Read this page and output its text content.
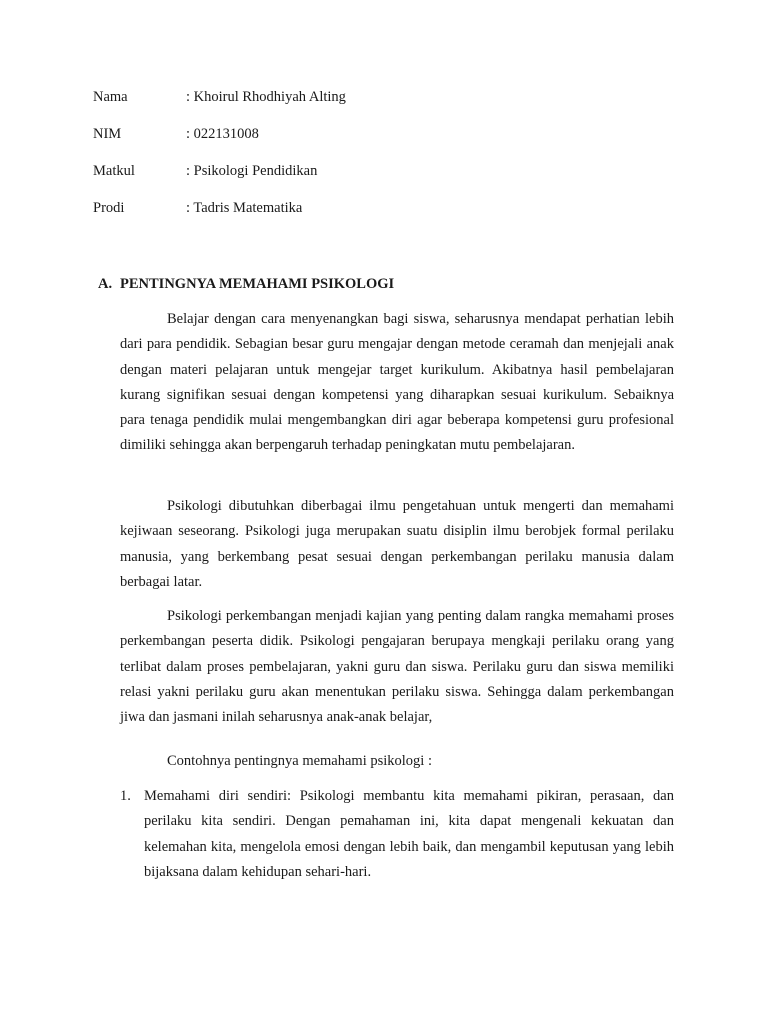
Nama	: Khoirul Rhodhiyah Alting
NIM	: 022131008
Matkul	: Psikologi Pendidikan
Prodi	: Tadris Matematika
A. PENTINGNYA MEMAHAMI PSIKOLOGI

Belajar dengan cara menyenangkan bagi siswa, seharusnya mendapat perhatian lebih dari para pendidik. Sebagian besar guru mengajar dengan metode ceramah dan menjejali anak dengan materi pelajaran untuk mengejar target kurikulum. Akibatnya hasil pembelajaran kurang signifikan sesuai dengan kompetensi yang diharapkan sesuai kurikulum. Sebaiknya para tenaga pendidik mulai mengembangkan diri agar beberapa kompetensi guru profesional dimiliki sehingga akan berpengaruh terhadap peningkatan mutu pembelajaran.

Psikologi dibutuhkan diberbagai ilmu pengetahuan untuk mengerti dan memahami kejiwaan seseorang. Psikologi juga merupakan suatu disiplin ilmu berobjek formal perilaku manusia, yang berkembang pesat sesuai dengan perkembangan perilaku manusia dalam berbagai latar.

Psikologi perkembangan menjadi kajian yang penting dalam rangka memahami proses perkembangan peserta didik. Psikologi pengajaran berupaya mengkaji perilaku orang yang terlibat dalam proses pembelajaran, yakni guru dan siswa. Perilaku guru dan siswa memiliki relasi yakni perilaku guru akan menentukan perilaku siswa. Sehingga dalam perkembangan jiwa dan jasmani inilah seharusnya anak-anak belajar,

Contohnya pentingnya memahami psikologi :

1. Memahami diri sendiri: Psikologi membantu kita memahami pikiran, perasaan, dan perilaku kita sendiri. Dengan pemahaman ini, kita dapat mengenali kekuatan dan kelemahan kita, mengelola emosi dengan lebih baik, dan mengambil keputusan yang lebih bijaksana dalam kehidupan sehari-hari.
